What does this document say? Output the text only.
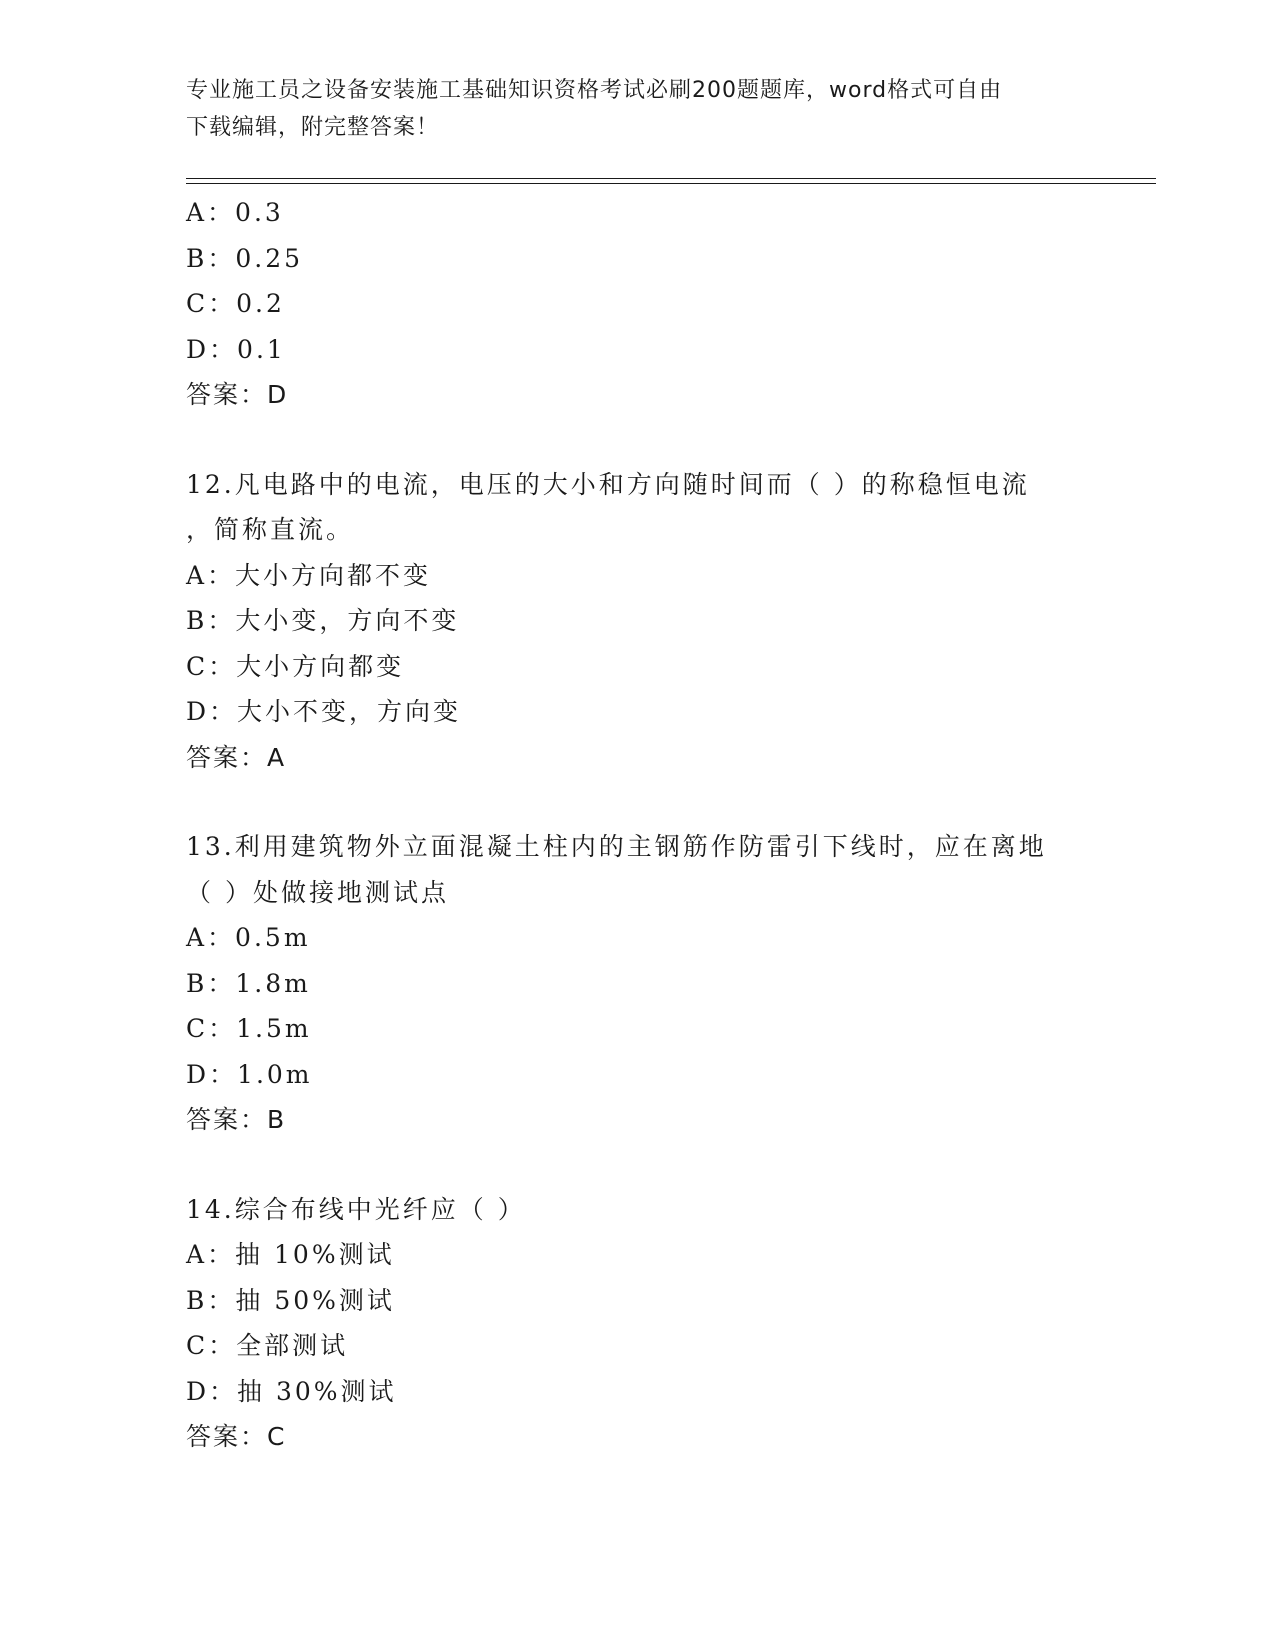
专业施工员之设备安装施工基础知识资格考试必刷200题题库，word格式可自由
下载编辑，附完整答案！
A：0.3
B：0.25
C：0.2
D：0.1
答案：D
12.凡电路中的电流，电压的大小和方向随时间而（ ）的称稳恒电流
，简称直流。
A：大小方向都不变
B：大小变，方向不变
C：大小方向都变
D：大小不变，方向变
答案：A
13.利用建筑物外立面混凝土柱内的主钢筋作防雷引下线时，应在离地
（ ）处做接地测试点
A：0.5m
B：1.8m
C：1.5m
D：1.0m
答案：B
14.综合布线中光纤应（ ）
A：抽 10%测试
B：抽 50%测试
C：全部测试
D：抽 30%测试
答案：C
